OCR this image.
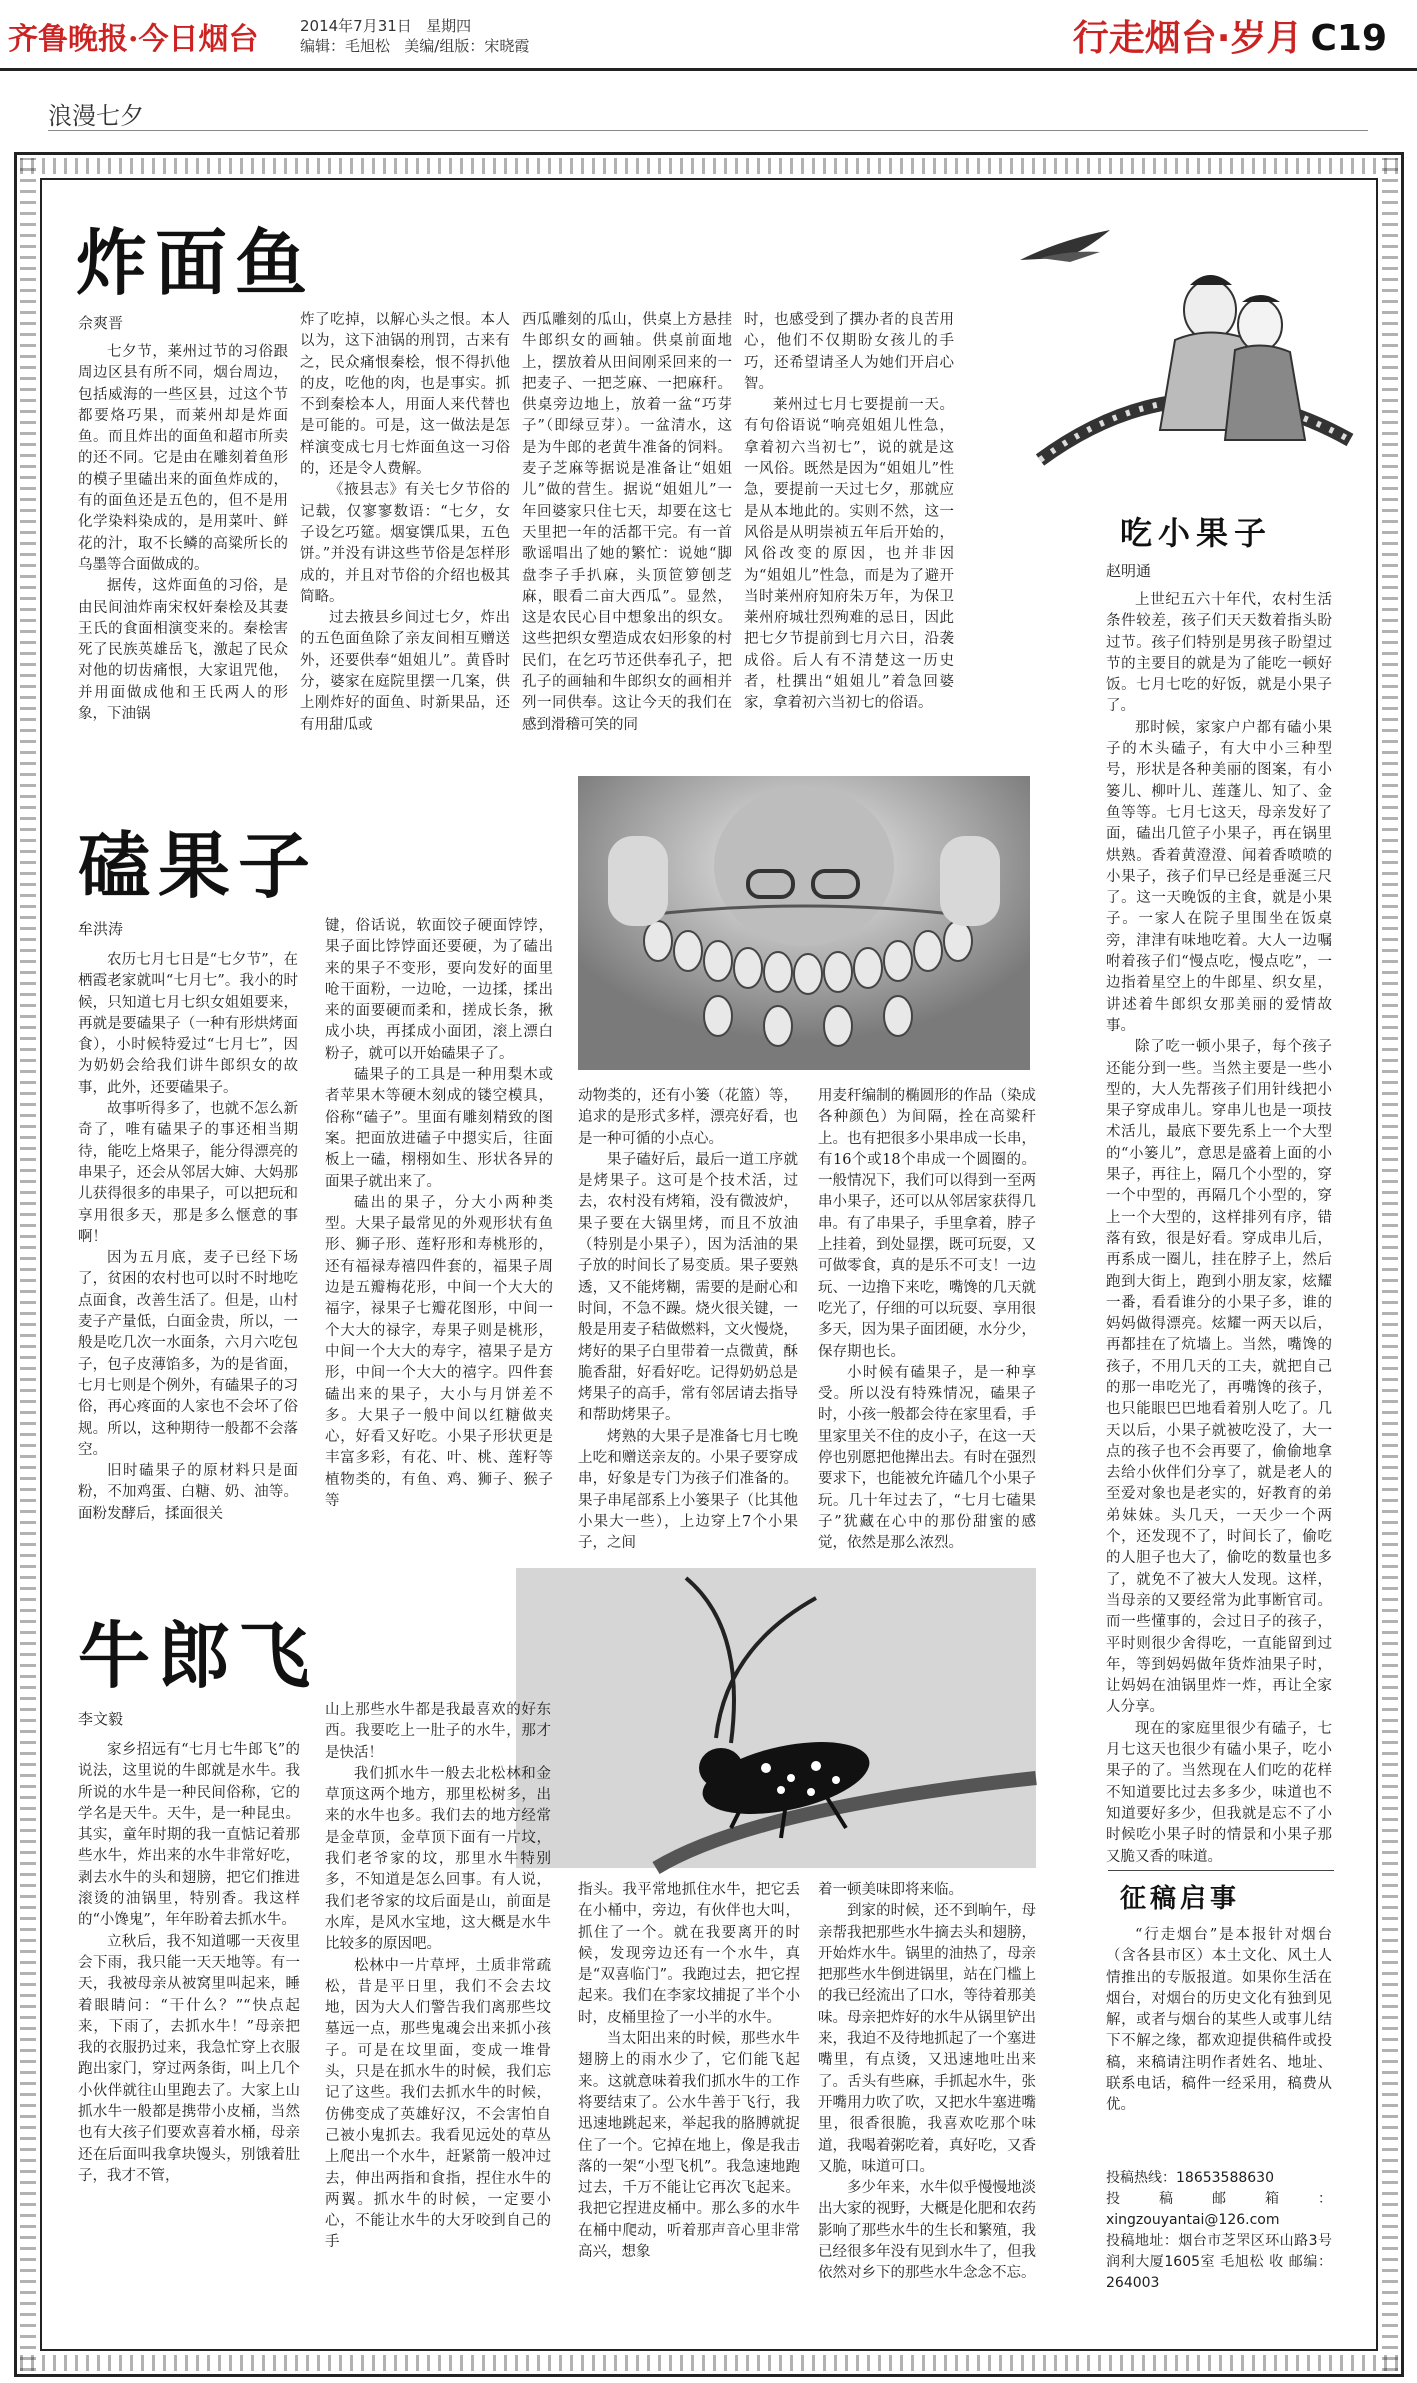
齐鲁晚报·今日烟台	2014年7月31日   星期四
编辑：毛旭松   美编/组版：宋晓霞	行走烟台·岁月 C19
浪漫七夕
炸面鱼
佘爽晋

七夕节，莱州过节的习俗跟周边区县有所不同，烟台周边，包括威海的一些区县，过这个节都要烙巧果，而莱州却是炸面鱼。而且炸出的面鱼和超市所卖的还不同。它是由在雕刻着鱼形的模子里磕出来的面鱼炸成的，有的面鱼还是五色的，但不是用化学染料染成的，是用菜叶、鲜花的汁，取不长鳞的高粱所长的乌墨等合面做成的。

据传，这炸面鱼的习俗，是由民间油炸南宋权奸秦桧及其妻王氏的食面相演变来的。秦桧害死了民族英雄岳飞，激起了民众对他的切齿痛恨，大家诅咒他，并用面做成他和王氏两人的形象，下油锅

炸了吃掉，以解心头之恨。本人以为，这下油锅的刑罚，古来有之，民众痛恨秦桧，恨不得扒他的皮，吃他的肉，也是事实。抓不到秦桧本人，用面人来代替也是可能的。可是，这一做法是怎样演变成七月七炸面鱼这一习俗的，还是令人费解。

《掖县志》有关七夕节俗的记载，仅寥寥数语：“七夕，女子设乞巧筵。烟宴馔瓜果，五色饼。”并没有讲这些节俗是怎样形成的，并且对节俗的介绍也极其简略。

过去掖县乡间过七夕，炸出的五色面鱼除了亲友间相互赠送外，还要供奉“姐姐儿”。黄昏时分，婆家在庭院里摆一几案，供上刚炸好的面鱼、时新果品，还有用甜瓜或

西瓜雕刻的瓜山，供桌上方悬挂牛郎织女的画轴。供桌前面地上，摆放着从田间刚采回来的一把麦子、一把芝麻、一把麻秆。供桌旁边地上，放着一盆“巧芽子”（即绿豆芽）。一盆清水，这是为牛郎的老黄牛准备的饲料。麦子芝麻等据说是准备让“姐姐儿”做的营生。据说“姐姐儿”一年回婆家只住七天，却要在这七天里把一年的活都干完。有一首歌谣唱出了她的繁忙：说她“脚盘李子手扒麻，头顶笸箩刨芝麻，眼看二亩大西瓜”。显然，这是农民心目中想象出的织女。这些把织女塑造成农妇形象的村民们，在乞巧节还供奉孔子，把孔子的画轴和牛郎织女的画相并列一同供奉。这让今天的我们在感到滑稽可笑的同

时，也感受到了撰办者的良苦用心，他们不仅期盼女孩儿的手巧，还希望请圣人为她们开启心智。

莱州过七月七要提前一天。有句俗语说“响亮姐姐儿性急，拿着初六当初七”，说的就是这一风俗。既然是因为“姐姐儿”性急，要提前一天过七夕，那就应是从本地此的。实则不然，这一风俗是从明崇祯五年后开始的，风俗改变的原因，也并非因为“姐姐儿”性急，而是为了避开当时莱州府知府朱万年，为保卫莱州府城壮烈殉难的忌日，因此把七夕节提前到七月六日，沿袭成俗。后人有不清楚这一历史者，杜撰出“姐姐儿”着急回婆家，拿着初六当初七的俗语。

吃小果子
赵明通

上世纪五六十年代，农村生活条件较差，孩子们天天数着指头盼过节。孩子们特别是男孩子盼望过节的主要目的就是为了能吃一顿好饭。七月七吃的好饭，就是小果子了。

那时候，家家户户都有磕小果子的木头磕子，有大中小三种型号，形状是各种美丽的图案，有小篓儿、柳叶儿、莲蓬儿、知了、金鱼等等。七月七这天，母亲发好了面，磕出几笸子小果子，再在锅里烘熟。香着黄澄澄、闻着香喷喷的小果子，孩子们早已经是垂涎三尺了。这一天晚饭的主食，就是小果子。一家人在院子里围坐在饭桌旁，津津有味地吃着。大人一边嘱咐着孩子们“慢点吃，慢点吃”，一边指着星空上的牛郎星、织女星，讲述着牛郎织女那美丽的爱情故事。

除了吃一顿小果子，每个孩子还能分到一些。当然主要是一些小型的，大人先帮孩子们用针线把小果子穿成串儿。穿串儿也是一项技术活儿，最底下要先系上一个大型的“小篓儿”，意思是盛着上面的小果子，再往上，隔几个小型的，穿一个中型的，再隔几个小型的，穿上一个大型的，这样排列有序，错落有致，很是好看。穿成串儿后，再系成一圈儿，挂在脖子上，然后跑到大街上，跑到小朋友家，炫耀一番，看看谁分的小果子多，谁的妈妈做得漂亮。炫耀一两天以后，再都挂在了炕墙上。当然，嘴馋的孩子，不用几天的工夫，就把自己的那一串吃光了，再嘴馋的孩子，也只能眼巴巴地看着别人吃了。几天以后，小果子就被吃没了，大一点的孩子也不会再要了，偷偷地拿去给小伙伴们分享了，就是老人的至爱对象也是老实的，好教育的弟弟妹妹。头几天，一天少一个两个，还发现不了，时间长了，偷吃的人胆子也大了，偷吃的数量也多了，就免不了被大人发现。这样，当母亲的又要经常为此事断官司。而一些懂事的，会过日子的孩子，平时则很少舍得吃，一直能留到过年，等到妈妈做年货炸油果子时，让妈妈在油锅里炸一炸，再让全家人分享。

现在的家庭里很少有磕子，七月七这天也很少有磕小果子，吃小果子的了。当然现在人们吃的花样不知道要比过去多多少，味道也不知道要好多少，但我就是忘不了小时候吃小果子时的情景和小果子那又脆又香的味道。

征稿启事

“行走烟台”是本报针对烟台（含各县市区）本土文化、风土人情推出的专版报道。如果你生活在烟台，对烟台的历史文化有独到见解，或者与烟台的某些人或事儿结下不解之缘，都欢迎提供稿件或投稿，来稿请注明作者姓名、地址、联系电话，稿件一经采用，稿费从优。

投稿热线：18653588630
投稿邮箱：xingzouyantai@126.com
投稿地址：烟台市芝罘区环山路3号润利大厦1605室 毛旭松 收 邮编：264003
磕果子
牟洪涛

农历七月七日是“七夕节”，在栖霞老家就叫“七月七”。我小的时候，只知道七月七织女姐姐要来，再就是要磕果子（一种有形烘烤面食），小时候特爱过“七月七”，因为奶奶会给我们讲牛郎织女的故事，此外，还要磕果子。

故事听得多了，也就不怎么新奇了，唯有磕果子的事还相当期待，能吃上烙果子，能分得漂亮的串果子，还会从邻居大婶、大妈那儿获得很多的串果子，可以把玩和享用很多天，那是多么惬意的事啊！

因为五月底，麦子已经下场了，贫困的农村也可以时不时地吃点面食，改善生活了。但是，山村麦子产量低，白面金贵，所以，一般是吃几次一水面条，六月六吃包子，包子皮薄馅多，为的是省面，七月七则是个例外，有磕果子的习俗，再心疼面的人家也不会坏了俗规。所以，这种期待一般都不会落空。

旧时磕果子的原材料只是面粉，不加鸡蛋、白糖、奶、油等。面粉发酵后，揉面很关

键，俗话说，软面饺子硬面饽饽，果子面比饽饽面还要硬，为了磕出来的果子不变形，要向发好的面里呛干面粉，一边呛，一边揉，揉出来的面要硬而柔和，搓成长条，揪成小块，再揉成小面团，滚上漂白粉子，就可以开始磕果子了。

磕果子的工具是一种用梨木或者苹果木等硬木刻成的镂空模具，俗称“磕子”。里面有雕刻精致的图案。把面放进磕子中摁实后，往面板上一磕，栩栩如生、形状各异的面果子就出来了。

磕出的果子，分大小两种类型。大果子最常见的外观形状有鱼形、狮子形、莲籽形和寿桃形的，还有福禄寿禧四件套的，福果子周边是五瓣梅花形，中间一个大大的福字，禄果子七瓣花图形，中间一个大大的禄字，寿果子则是桃形，中间一个大大的寿字，禧果子是方形，中间一个大大的禧字。四件套磕出来的果子，大小与月饼差不多。大果子一般中间以红糖做夹心，好看又好吃。小果子形状更是丰富多彩，有花、叶、桃、莲籽等植物类的，有鱼、鸡、狮子、猴子等

动物类的，还有小篓（花篮）等，追求的是形式多样，漂亮好看，也是一种可循的小点心。

果子磕好后，最后一道工序就是烤果子。这可是个技术活，过去，农村没有烤箱，没有微波炉，果子要在大锅里烤，而且不放油（特别是小果子），因为活油的果子放的时间长了易变质。果子要熟透，又不能烤糊，需要的是耐心和时间，不急不躁。烧火很关键，一般是用麦子秸做燃料，文火慢烧，烤好的果子白里带着一点微黄，酥脆香甜，好看好吃。记得奶奶总是烤果子的高手，常有邻居请去指导和帮助烤果子。

烤熟的大果子是准备七月七晚上吃和赠送亲友的。小果子要穿成串，好象是专门为孩子们准备的。果子串尾部系上小篓果子（比其他小果大一些），上边穿上7个小果子，之间

用麦秆编制的椭圆形的作品（染成各种颜色）为间隔，拴在高粱秆上。也有把很多小果串成一长串，有16个或18个串成一个圆圈的。一般情况下，我们可以得到一至两串小果子，还可以从邻居家获得几串。有了串果子，手里拿着，脖子上挂着，到处显摆，既可玩耍，又可做零食，真的是乐不可支！一边玩、一边撸下来吃，嘴馋的几天就吃光了，仔细的可以玩耍、享用很多天，因为果子面团硬，水分少，保存期也长。

小时候有磕果子，是一种享受。所以没有特殊情况，磕果子时，小孩一般都会待在家里看，手里家里关不住的皮小子，在这一天停也别愿把他撵出去。有时在强烈要求下，也能被允许磕几个小果子玩。几十年过去了，“七月七磕果子”犹藏在心中的那份甜蜜的感觉，依然是那么浓烈。

牛郎飞
李文毅

家乡招远有“七月七牛郎飞”的说法，这里说的牛郎就是水牛。我所说的水牛是一种民间俗称，它的学名是天牛。天牛，是一种昆虫。其实，童年时期的我一直惦记着那些水牛，炸出来的水牛非常好吃，剥去水牛的头和翅膀，把它们推进滚烫的油锅里，特别香。我这样的“小馋鬼”，年年盼着去抓水牛。

立秋后，我不知道哪一天夜里会下雨，我只能一天天地等。有一天，我被母亲从被窝里叫起来，睡着眼睛问：“干什么？”“快点起来，下雨了，去抓水牛！”母亲把我的衣服扔过来，我急忙穿上衣服跑出家门，穿过两条街，叫上几个小伙伴就往山里跑去了。大家上山抓水牛一般都是携带小皮桶，当然也有大孩子们要欢喜着水桶，母亲还在后面叫我拿块馒头，别饿着肚子，我才不管，

山上那些水牛都是我最喜欢的好东西。我要吃上一肚子的水牛，那才是快活！

我们抓水牛一般去北松林和金草顶这两个地方，那里松树多，出来的水牛也多。我们去的地方经常是金草顶，金草顶下面有一片坟，我们老爷家的坟，那里水牛特别多，不知道是怎么回事。有人说，我们老爷家的坟后面是山，前面是水库，是风水宝地，这大概是水牛比较多的原因吧。

松林中一片草坪，土质非常疏松，昔是平日里，我们不会去坟地，因为大人们警告我们离那些坟墓远一点，那些鬼魂会出来抓小孩子。可是在坟里面，变成一堆骨头，只是在抓水牛的时候，我们忘记了这些。我们去抓水牛的时候，仿佛变成了英雄好汉，不会害怕自己被小鬼抓去。我看见远处的草丛上爬出一个水牛，赶紧箭一般冲过去，伸出两指和食指，捏住水牛的两翼。抓水牛的时候，一定要小心，不能让水牛的大牙咬到自己的手

指头。我平常地抓住水牛，把它丢在小桶中，旁边，有伙伴也大叫，抓住了一个。就在我要离开的时候，发现旁边还有一个水牛，真是“双喜临门”。我跑过去，把它捏起来。我们在李家坟捕捉了半个小时，皮桶里捡了一小半的水牛。

当太阳出来的时候，那些水牛翅膀上的雨水少了，它们能飞起来。这就意味着我们抓水牛的工作将要结束了。公水牛善于飞行，我迅速地跳起来，举起我的胳膊就捉住了一个。它掉在地上，像是我击落的一架“小型飞机”。我急速地跑过去，千万不能让它再次飞起来。我把它捏进皮桶中。那么多的水牛在桶中爬动，听着那声音心里非常高兴，想象

着一顿美味即将来临。

到家的时候，还不到晌午，母亲帮我把那些水牛摘去头和翅膀，开始炸水牛。锅里的油热了，母亲把那些水牛倒进锅里，站在门槛上的我已经流出了口水，等待着那美味。母亲把炸好的水牛从锅里铲出来，我迫不及待地抓起了一个塞进嘴里，有点烫，又迅速地吐出来了。舌头有些麻，手抓起水牛，张开嘴用力吹了吹，又把水牛塞进嘴里，很香很脆，我喜欢吃那个味道，我喝着粥吃着，真好吃，又香又脆，味道可口。

多少年来，水牛似乎慢慢地淡出大家的视野，大概是化肥和农药影响了那些水牛的生长和繁殖，我已经很多年没有见到水牛了，但我依然对乡下的那些水牛念念不忘。
